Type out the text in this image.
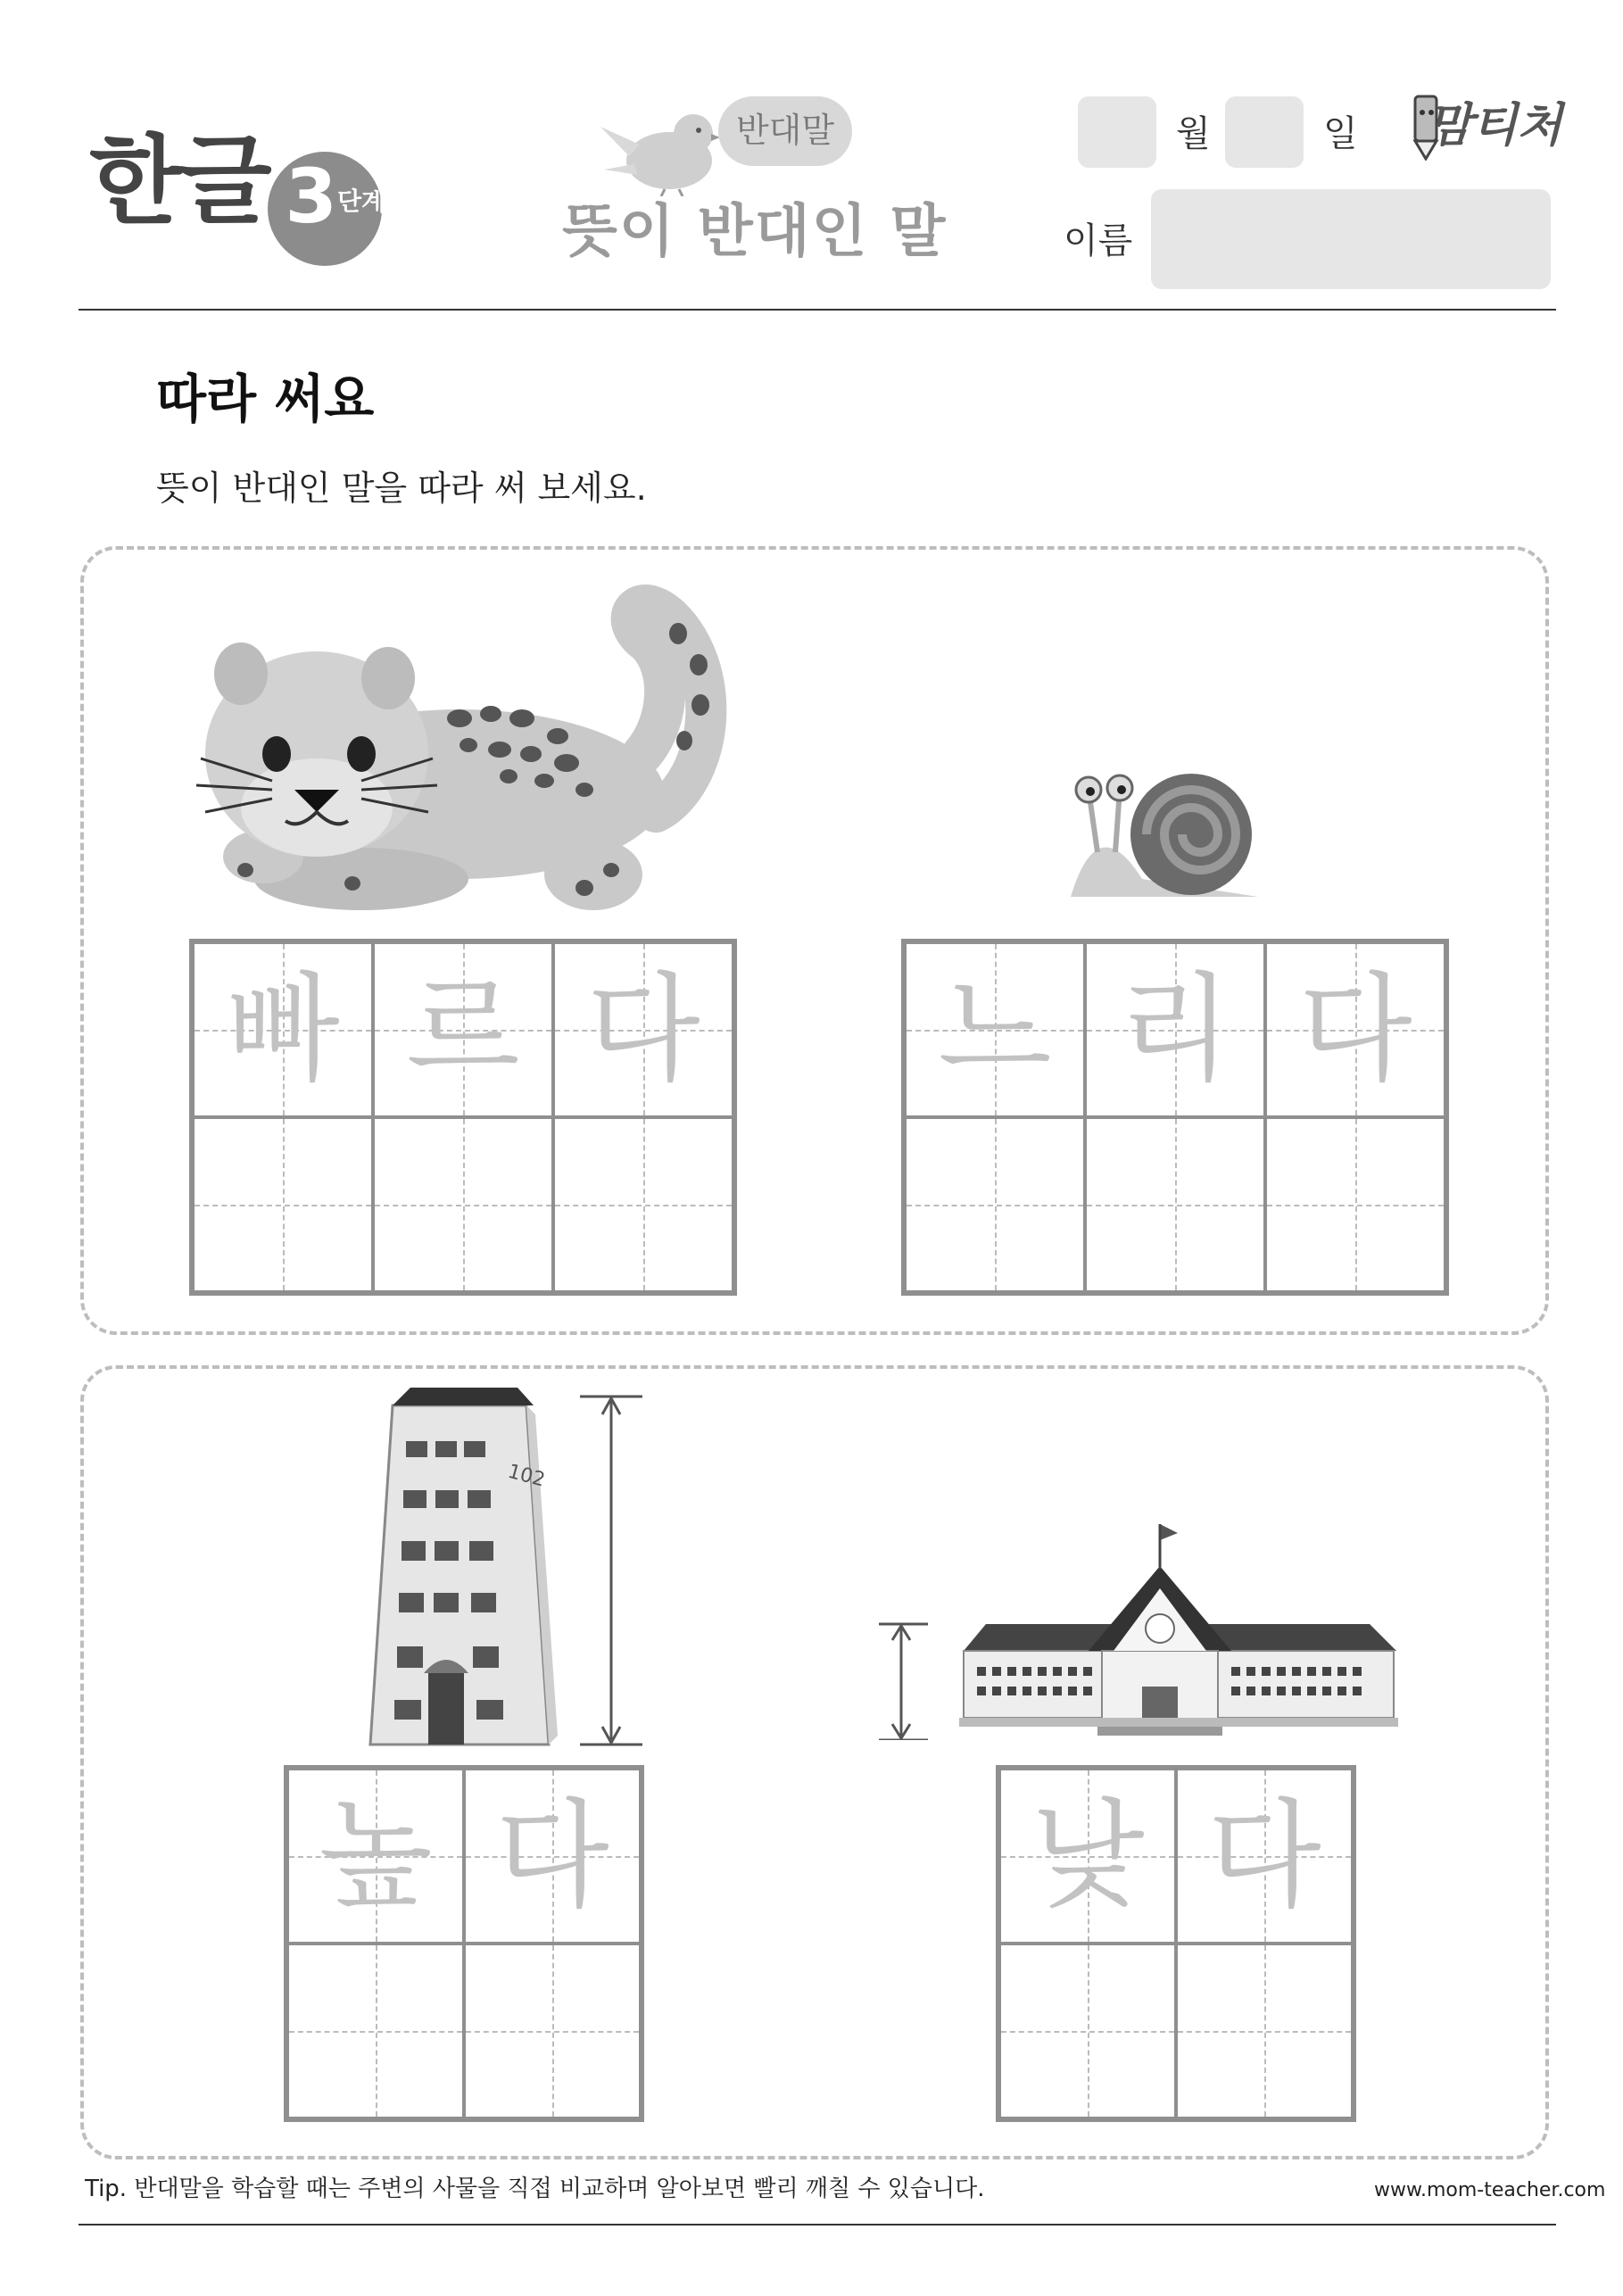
한글 3 단계
반대말
뜻이 반대인 말
월	일
이름
맘티처
따라 써요
뜻이 반대인 말을 따라 써 보세요.
빠 르 다 느 리 다
102
높 다	낮 다
Tip. 반대말을 학습할 때는 주변의 사물을 직접 비교하며 알아보면 빨리 깨칠 수 있습니다.	www.mom-teacher.com
